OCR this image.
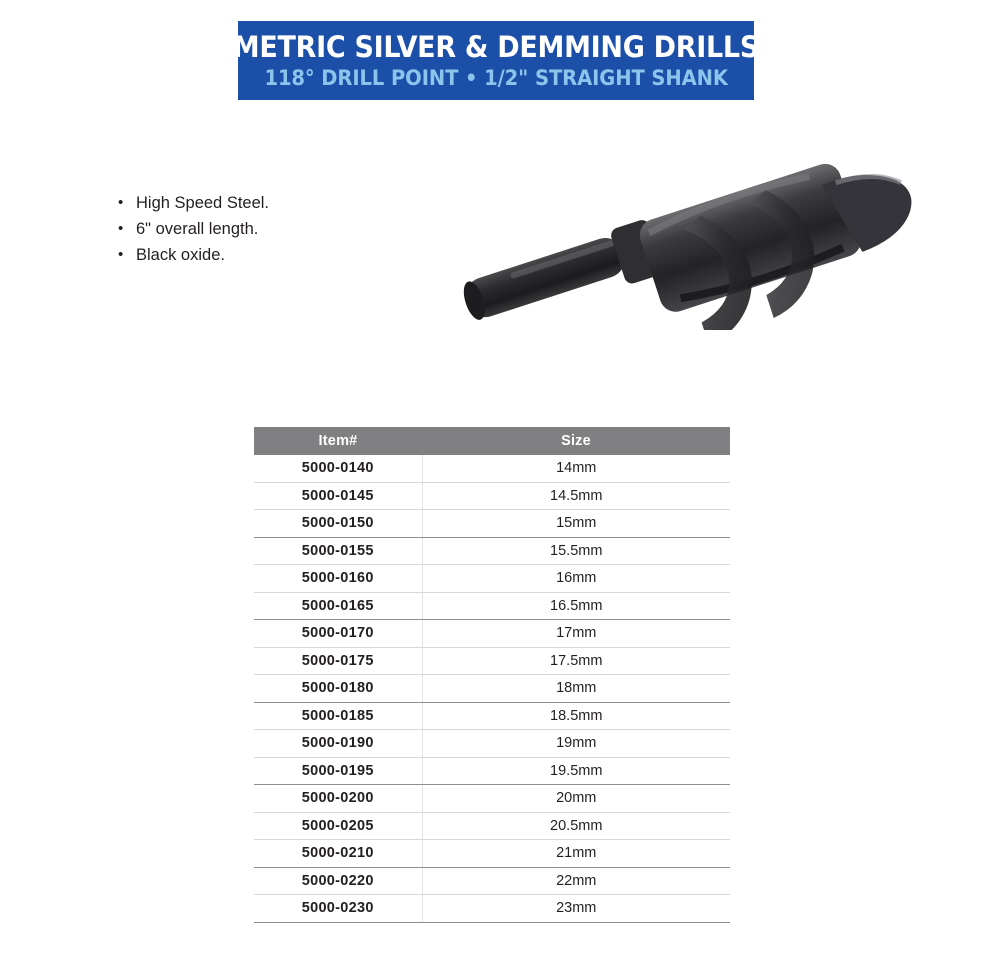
METRIC SILVER & DEMMING DRILLS
118° DRILL POINT • 1/2" STRAIGHT SHANK
• High Speed Steel.
• 6" overall length.
• Black oxide.
Item#	Size
5000-0140	14mm
5000-0145	14.5mm
5000-0150	15mm
5000-0155	15.5mm
5000-0160	16mm
5000-0165	16.5mm
5000-0170	17mm
5000-0175	17.5mm
5000-0180	18mm
5000-0185	18.5mm
5000-0190	19mm
5000-0195	19.5mm
5000-0200	20mm
5000-0205	20.5mm
5000-0210	21mm
5000-0220	22mm
5000-0230	23mm
